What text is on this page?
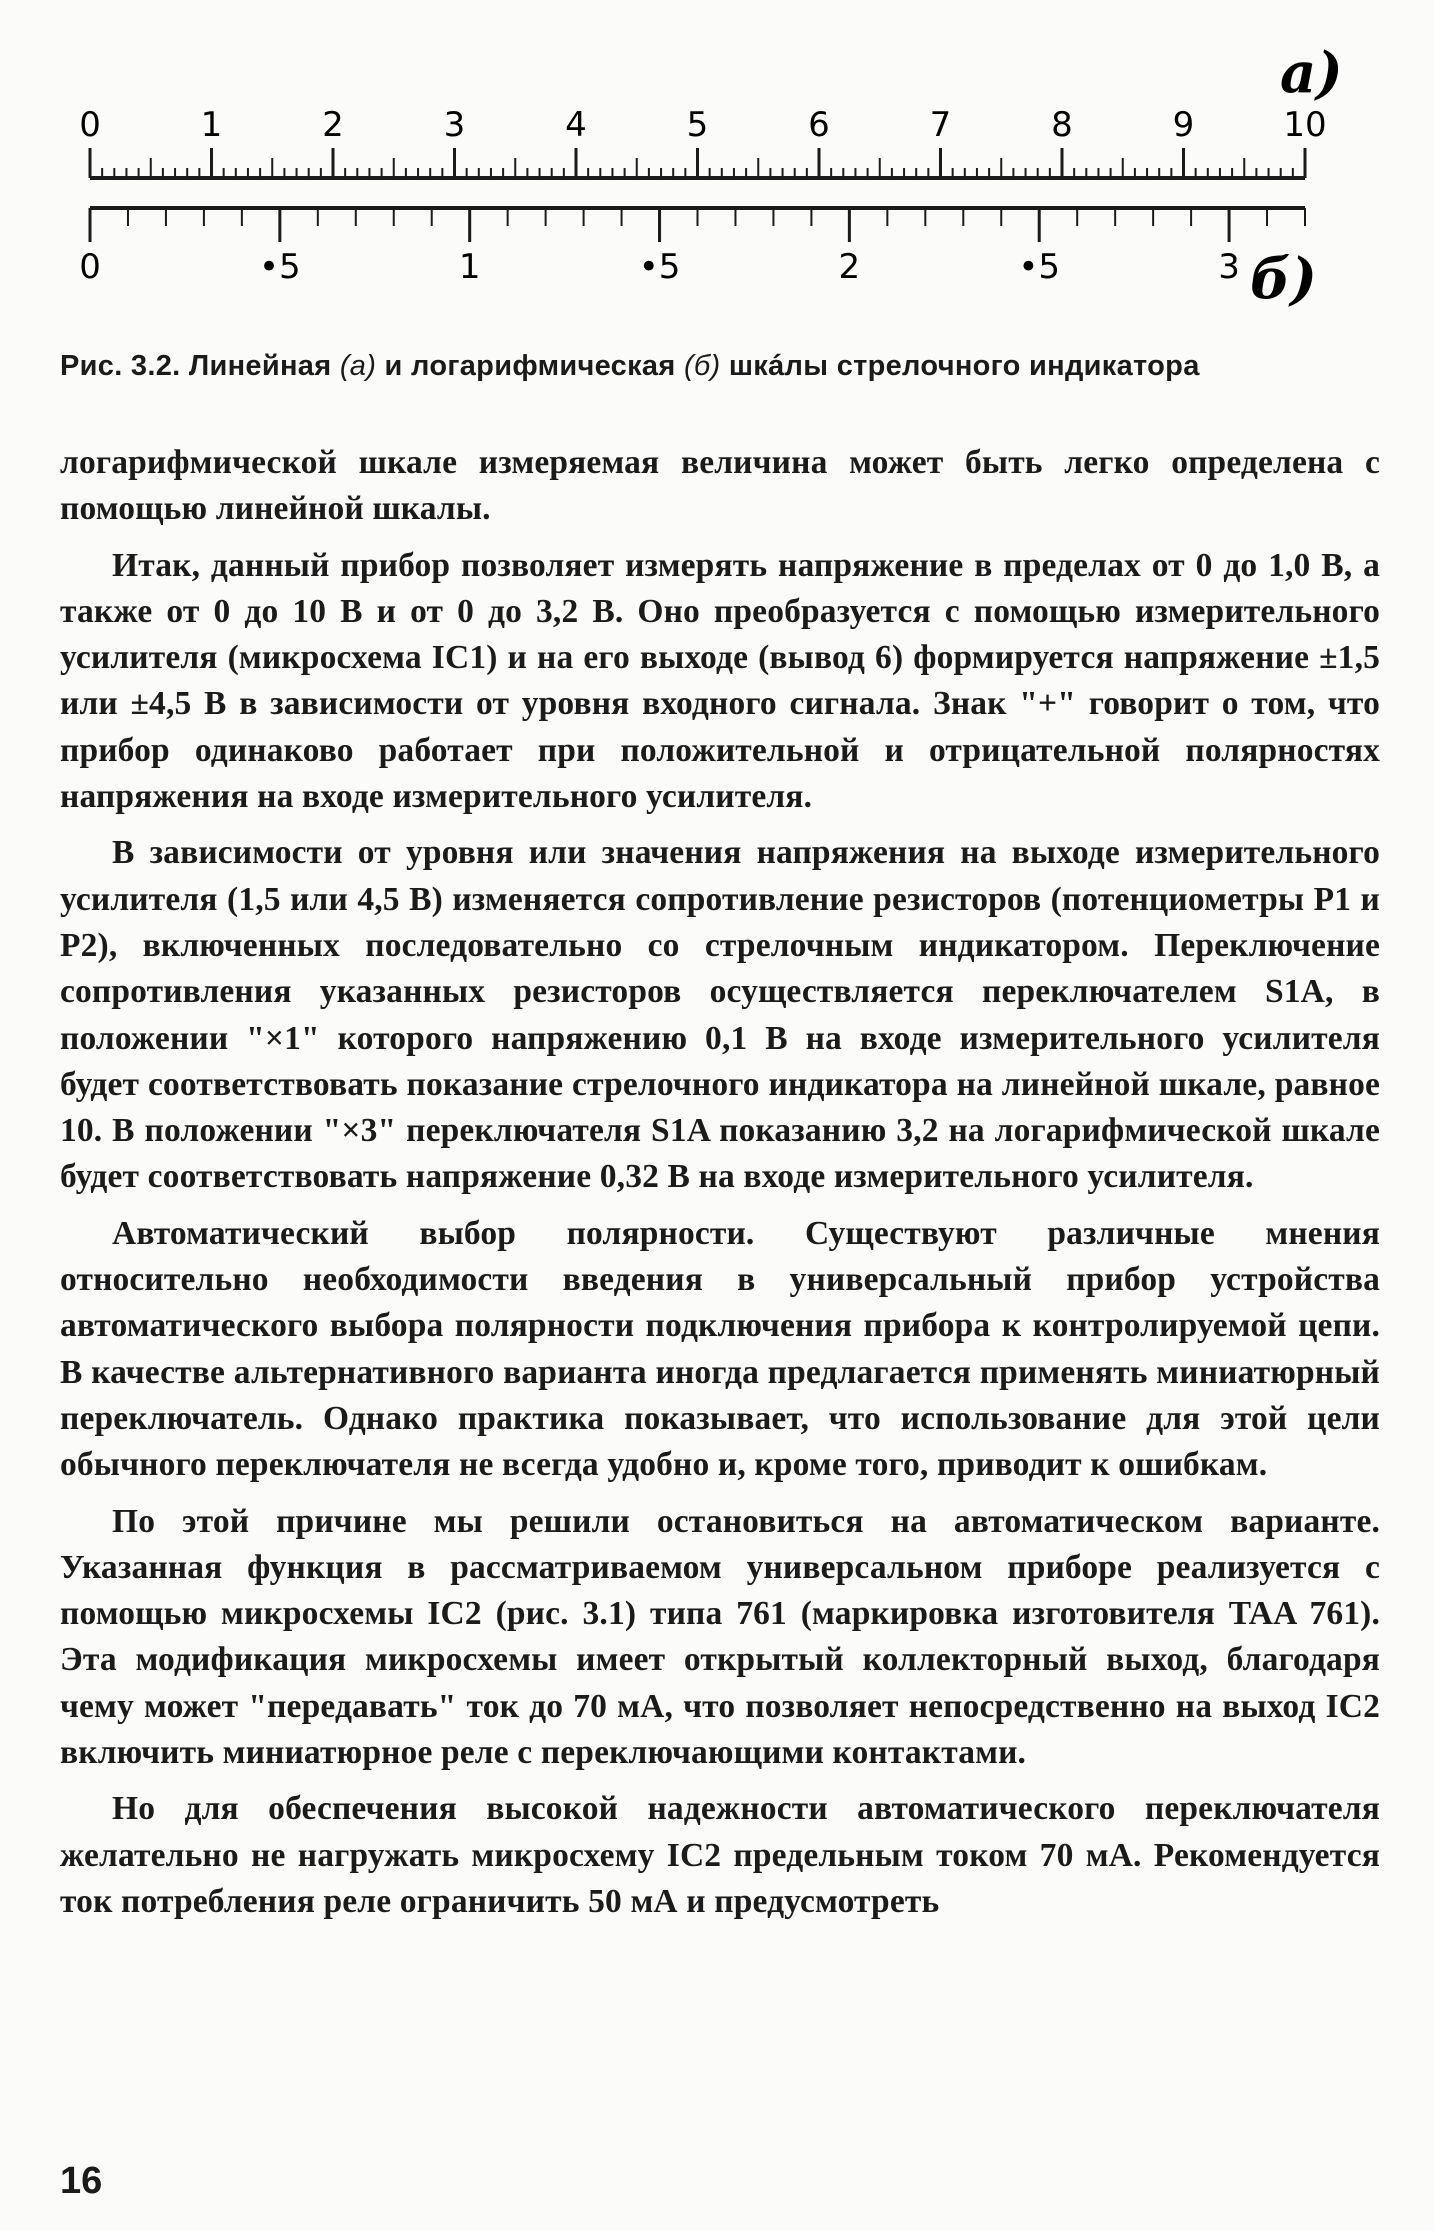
а)
0	1	2	3	4	5	6	7	8	9	10
0	•5	1	•5	2	•5	3 б)
Рис. 3.2. Линейная (а) и логарифмическая (б) шкáлы стрелочного индикатора

логарифмической шкале измеряемая величина может быть легко определена с помощью линейной шкалы.

Итак, данный прибор позволяет измерять напряжение в пределах от 0 до 1,0 В, а также от 0 до 10 В и от 0 до 3,2 В. Оно преобразуется с помощью измерительного усилителя (микросхема IC1) и на его выходе (вывод 6) формируется напряжение ±1,5 или ±4,5 В в зависимости от уровня входного сигнала. Знак "+" говорит о том, что прибор одинаково работает при положительной и отрицательной полярностях напряжения на входе измерительного усилителя.

В зависимости от уровня или значения напряжения на выходе измерительного усилителя (1,5 или 4,5 В) изменяется сопротивление резисторов (потенциометры P1 и P2), включенных последовательно со стрелочным индикатором. Переключение сопротивления указанных резисторов осуществляется переключателем S1A, в положении "×1" которого напряжению 0,1 В на входе измерительного усилителя будет соответствовать показание стрелочного индикатора на линейной шкале, равное 10. В положении "×3" переключателя S1A показанию 3,2 на логарифмической шкале будет соответствовать напряжение 0,32 В на входе измерительного усилителя.

Автоматический выбор полярности. Существуют различные мнения относительно необходимости введения в универсальный прибор устройства автоматического выбора полярности подключения прибора к контролируемой цепи. В качестве альтернативного варианта иногда предлагается применять миниатюрный переключатель. Однако практика показывает, что использование для этой цели обычного переключателя не всегда удобно и, кроме того, приводит к ошибкам.

По этой причине мы решили остановиться на автоматическом варианте. Указанная функция в рассматриваемом универсальном приборе реализуется с помощью микросхемы IC2 (рис. 3.1) типа 761 (маркировка изготовителя TAA 761). Эта модификация микросхемы имеет открытый коллекторный выход, благодаря чему может "передавать" ток до 70 мА, что позволяет непосредственно на выход IC2 включить миниатюрное реле с переключающими контактами.

Но для обеспечения высокой надежности автоматического переключателя желательно не нагружать микросхему IC2 предельным током 70 мА. Рекомендуется ток потребления реле ограничить 50 мА и предусмотреть

16
